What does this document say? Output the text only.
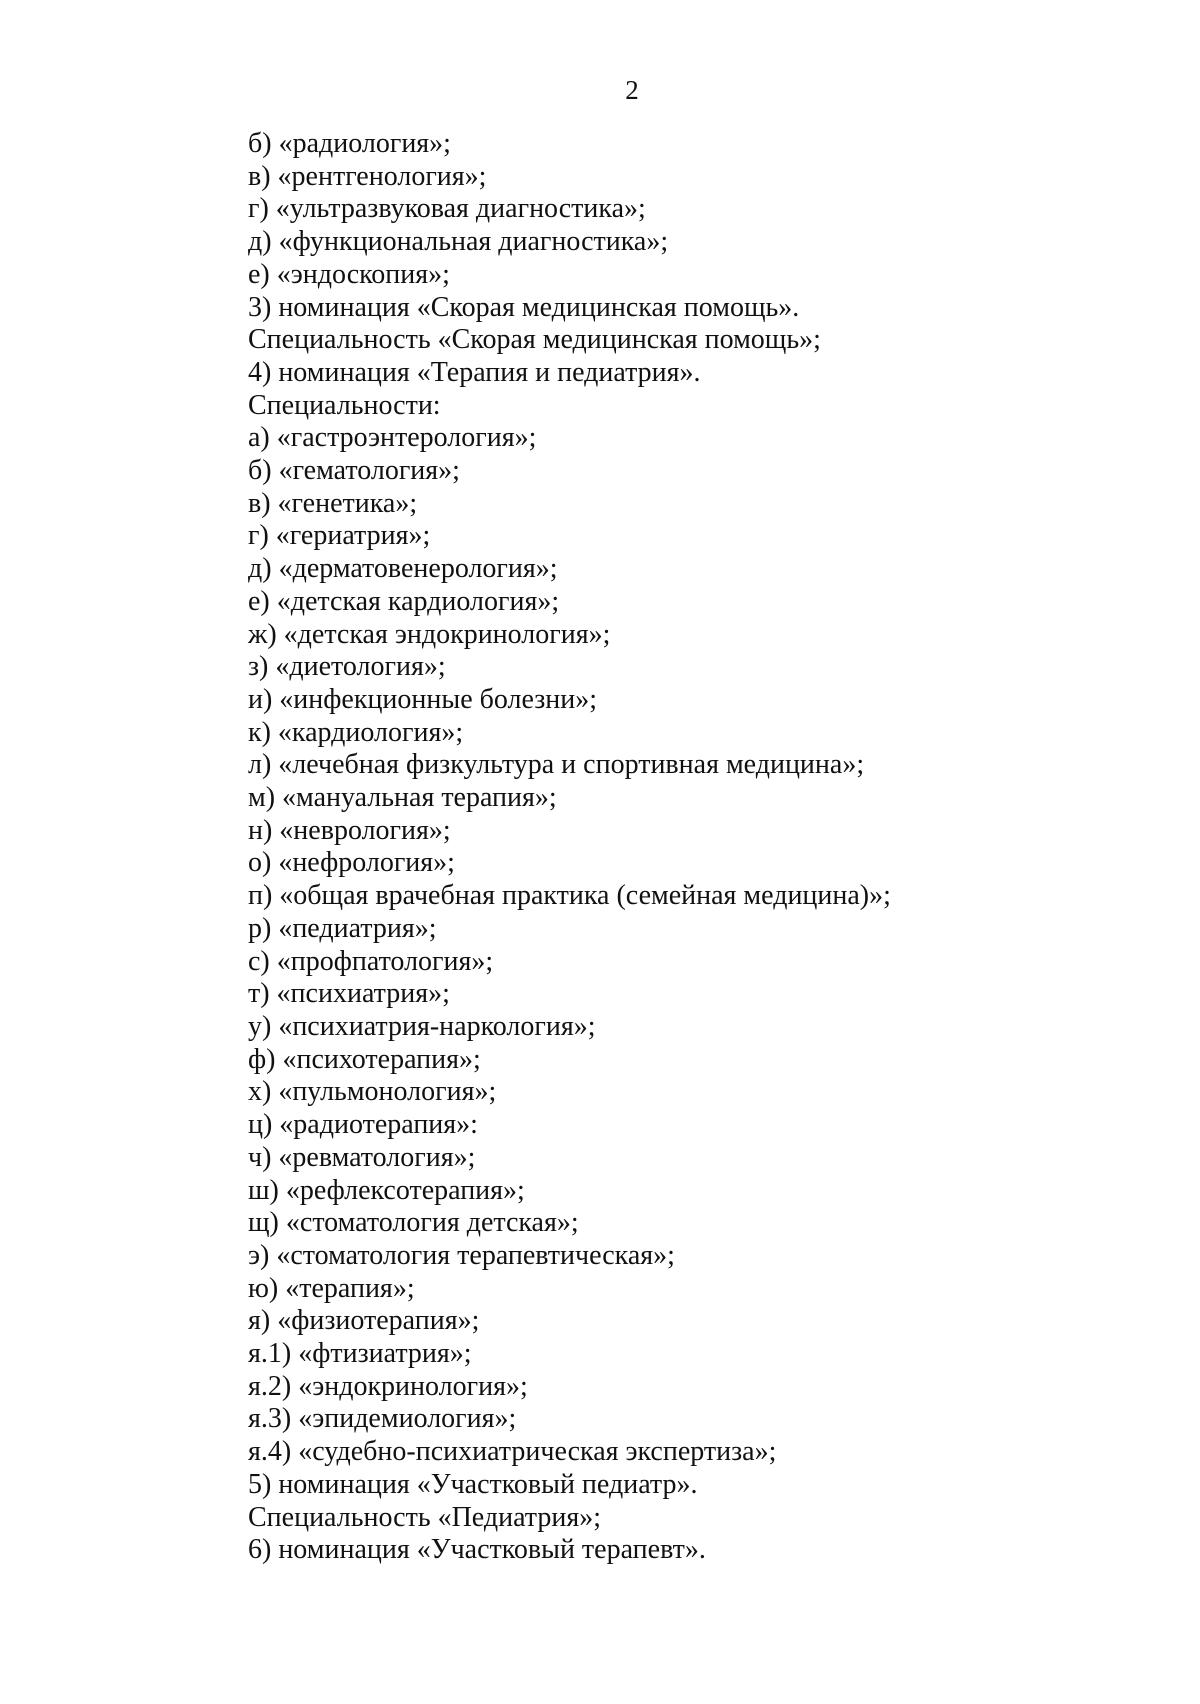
2
б) «радиология»;
в) «рентгенология»;
г) «ультразвуковая диагностика»;
д) «функциональная диагностика»;
е) «эндоскопия»;
3) номинация «Скорая медицинская помощь».
Специальность «Скорая медицинская помощь»;
4) номинация «Терапия и педиатрия».
Специальности:
а) «гастроэнтерология»;
б) «гематология»;
в) «генетика»;
г) «гериатрия»;
д) «дерматовенерология»;
е) «детская кардиология»;
ж) «детская эндокринология»;
з) «диетология»;
и) «инфекционные болезни»;
к) «кардиология»;
л) «лечебная физкультура и спортивная медицина»;
м) «мануальная терапия»;
н) «неврология»;
о) «нефрология»;
п) «общая врачебная практика (семейная медицина)»;
р) «педиатрия»;
с) «профпатология»;
т) «психиатрия»;
у) «психиатрия-наркология»;
ф) «психотерапия»;
х) «пульмонология»;
ц) «радиотерапия»:
ч) «ревматология»;
ш) «рефлексотерапия»;
щ) «стоматология детская»;
э) «стоматология терапевтическая»;
ю) «терапия»;
я) «физиотерапия»;
я.1) «фтизиатрия»;
я.2) «эндокринология»;
я.3) «эпидемиология»;
я.4) «судебно-психиатрическая экспертиза»;
5) номинация «Участковый педиатр».
Специальность «Педиатрия»;
6) номинация «Участковый терапевт».
